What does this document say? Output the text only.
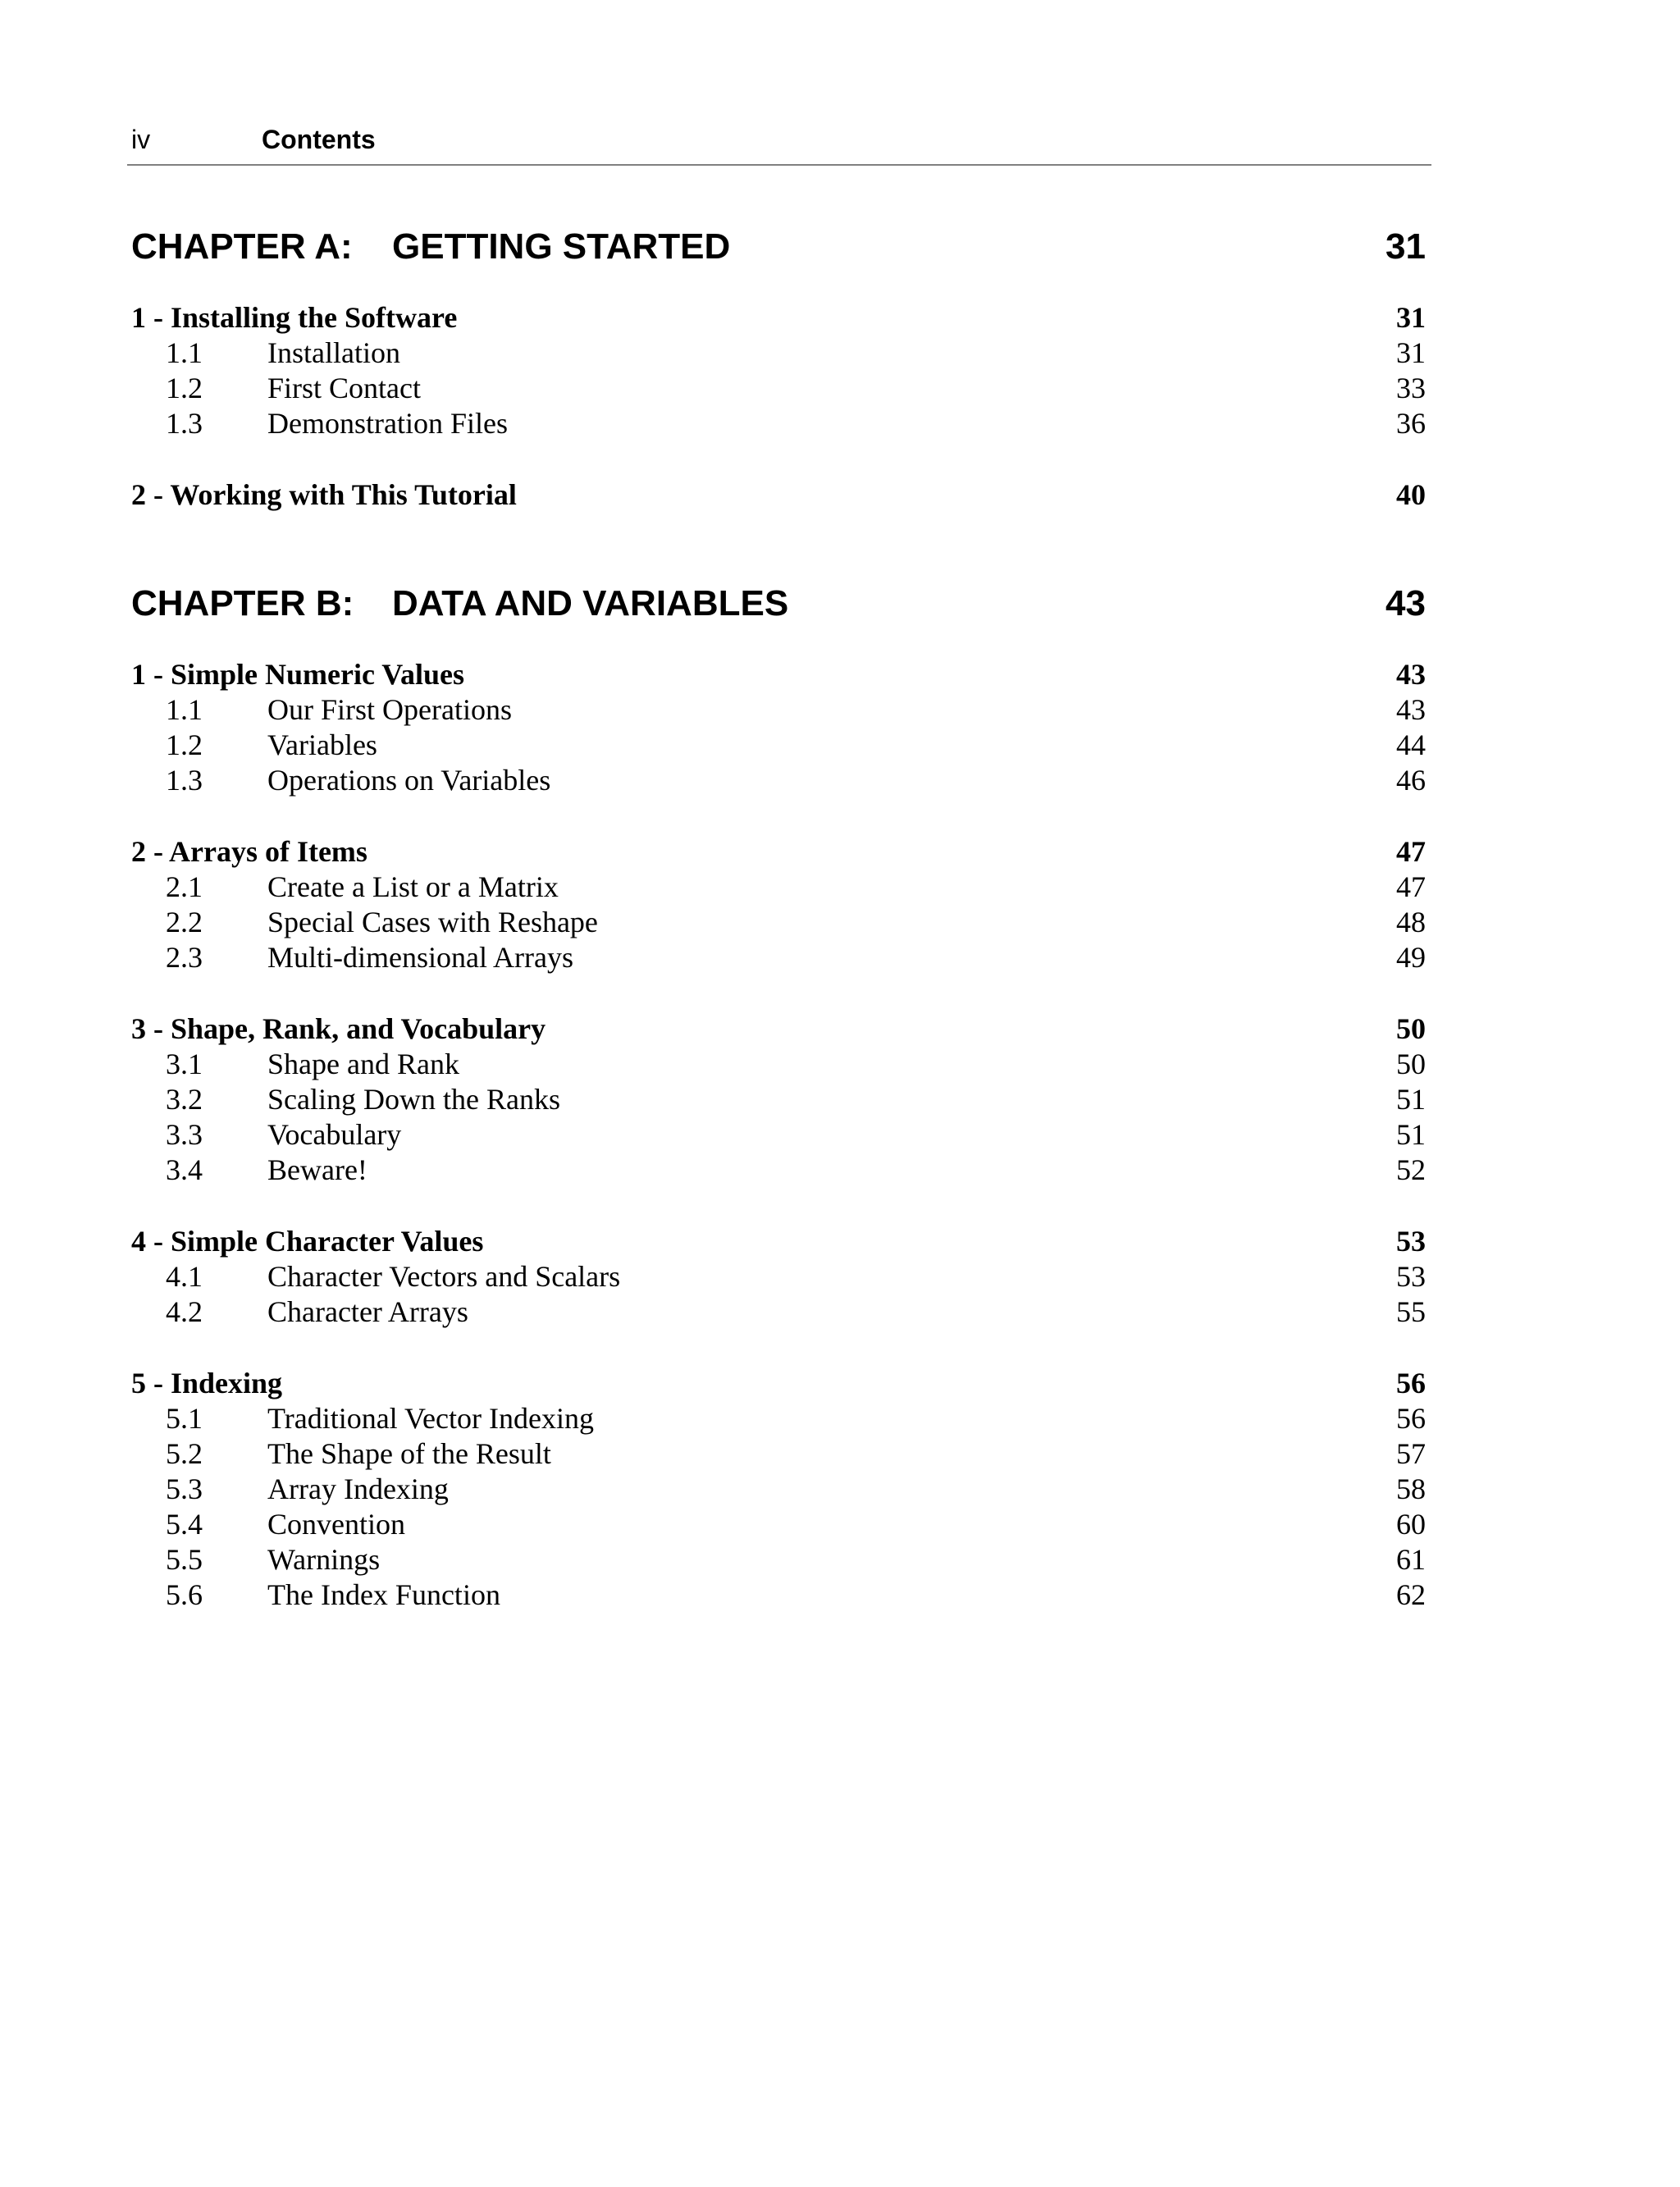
iv	Contents
CHAPTER A: GETTING STARTED	31
1 - Installing the Software	31
1.1 Installation	31
1.2 First Contact	33
1.3 Demonstration Files	36
2 - Working with This Tutorial	40
CHAPTER B: DATA AND VARIABLES	43
1 - Simple Numeric Values	43
1.1 Our First Operations	43
1.2 Variables	44
1.3 Operations on Variables	46
2 - Arrays of Items	47
2.1 Create a List or a Matrix	47
2.2 Special Cases with Reshape	48
2.3 Multi-dimensional Arrays	49
3 - Shape, Rank, and Vocabulary	50
3.1 Shape and Rank	50
3.2 Scaling Down the Ranks	51
3.3 Vocabulary	51
3.4 Beware!	52
4 - Simple Character Values	53
4.1 Character Vectors and Scalars	53
4.2 Character Arrays	55
5 - Indexing	56
5.1 Traditional Vector Indexing	56
5.2 The Shape of the Result	57
5.3 Array Indexing	58
5.4 Convention	60
5.5 Warnings	61
5.6 The Index Function	62
